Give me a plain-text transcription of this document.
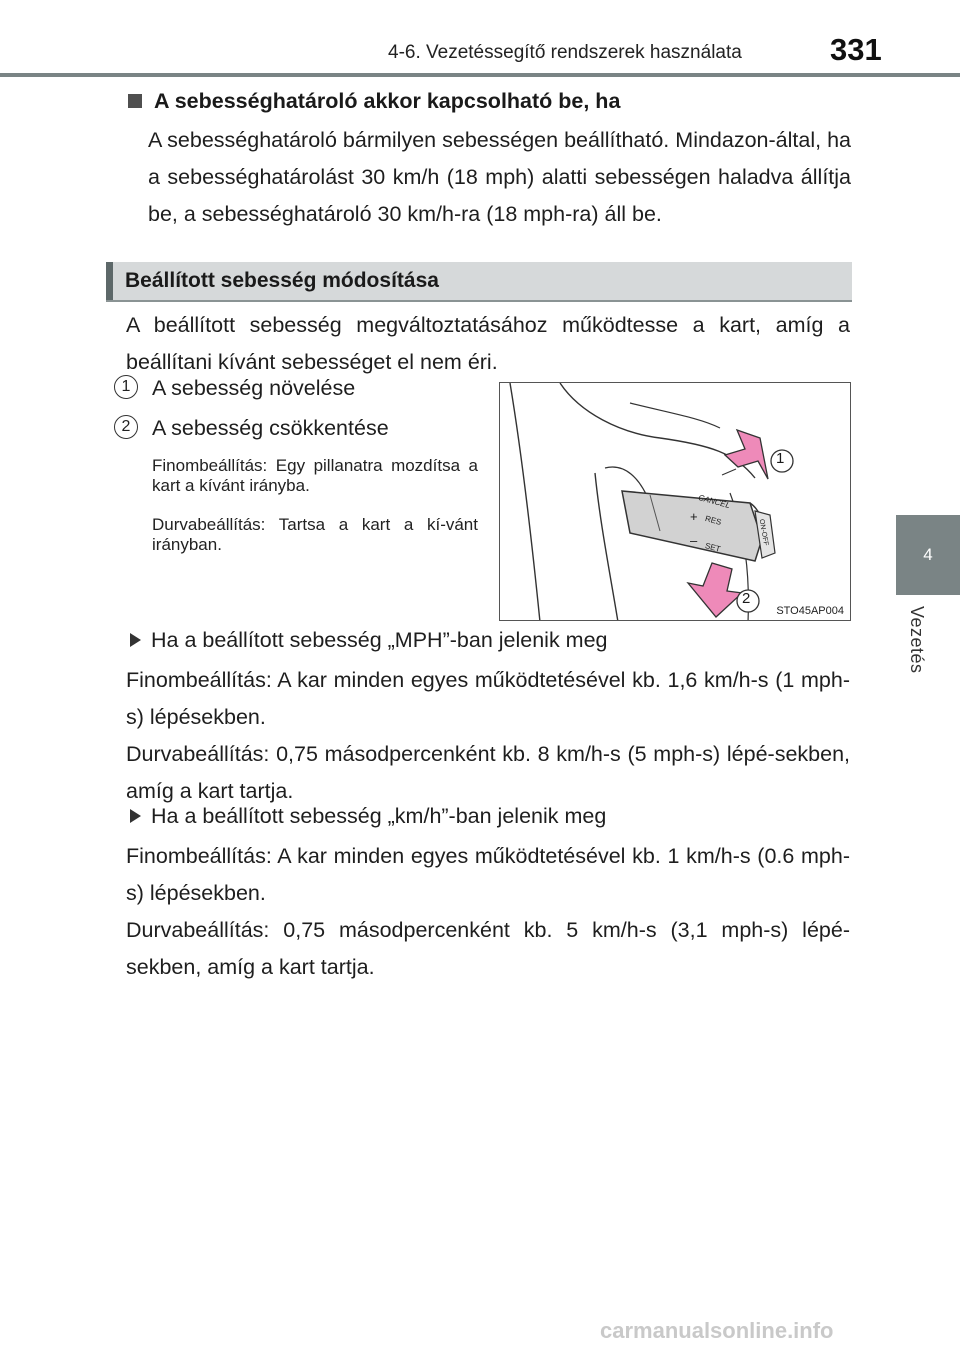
4-6. Vezetéssegítő rendszerek használata	331
4
Vezetés
A sebességhatároló akkor kapcsolható be, ha
A sebességhatároló bármilyen sebességen beállítható. Mindazon-által, ha a sebességhatárolást 30 km/h (18 mph) alatti sebességen haladva állítja be, a sebességhatároló 30 km/h-ra (18 mph-ra) áll be.
Beállított sebesség módosítása
A beállított sebesség megváltoztatásához működtesse a kart, amíg a beállítani kívánt sebességet el nem éri.
1	A sebesség növelése
2	A sebesség csökkentése
Finombeállítás: Egy pillanatra mozdítsa a kart a kívánt irányba.
Durvabeállítás: Tartsa a kart a kí-vánt irányban.
1
2
CANCEL
RES
SET
ON-OFF
+
–
STO45AP004
Ha a beállított sebesség „MPH”-ban jelenik meg
Finombeállítás: A kar minden egyes működtetésével kb. 1,6 km/h-s (1 mph-s) lépésekben.
Durvabeállítás: 0,75 másodpercenként kb. 8 km/h-s (5 mph-s) lépé-sekben, amíg a kart tartja.
Ha a beállított sebesség „km/h”-ban jelenik meg
Finombeállítás: A kar minden egyes működtetésével kb. 1 km/h-s (0.6 mph-s) lépésekben.
Durvabeállítás: 0,75 másodpercenként kb. 5 km/h-s (3,1 mph-s) lépé-sekben, amíg a kart tartja.
carmanualsonline.info
